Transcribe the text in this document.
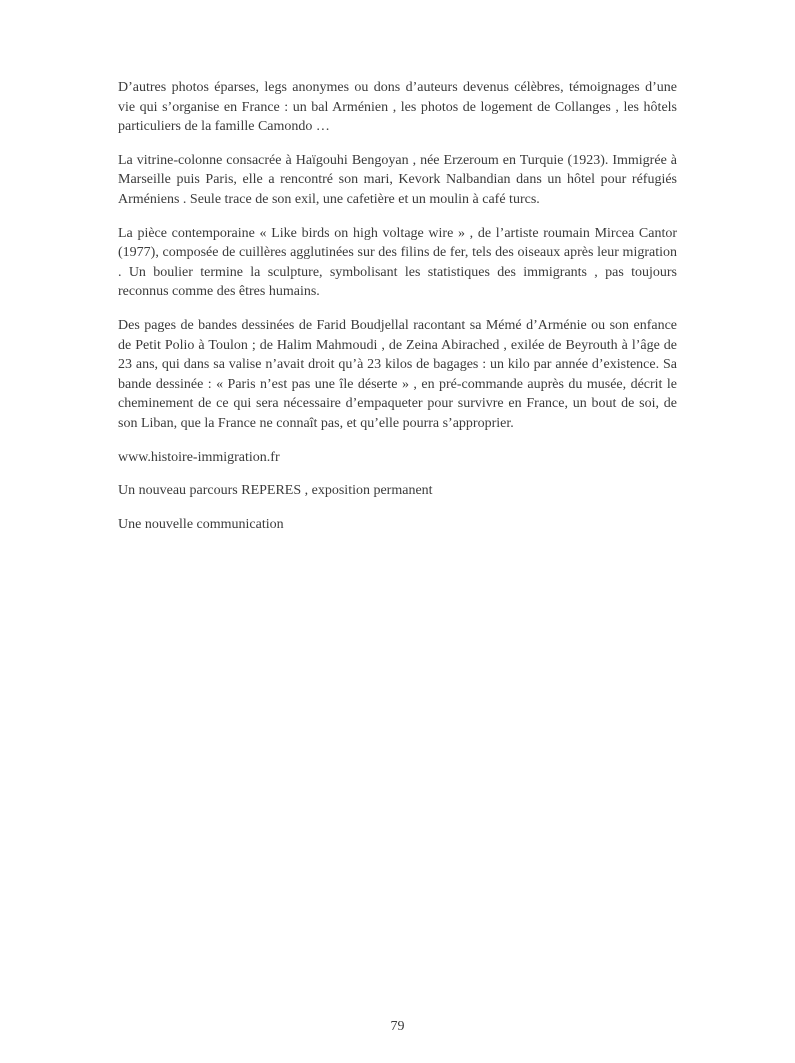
D’autres photos éparses, legs anonymes ou dons d’auteurs devenus célèbres, témoignages d’une vie qui s’organise en France : un bal Arménien , les photos de logement de Collanges , les hôtels particuliers de la famille Camondo …

La vitrine-colonne consacrée à Haïgouhi Bengoyan , née Erzeroum en Turquie (1923). Immigrée à Marseille puis Paris, elle a rencontré son mari, Kevork Nalbandian dans un hôtel pour réfugiés Arméniens . Seule trace de son exil, une cafetière et un moulin à café turcs.

La pièce contemporaine « Like birds on high voltage wire » , de l’artiste roumain Mircea Cantor (1977), composée de cuillères agglutinées sur des filins de fer, tels des oiseaux après leur migration . Un boulier termine la sculpture, symbolisant les statistiques des immigrants , pas toujours reconnus comme des êtres humains.

Des pages de bandes dessinées de Farid Boudjellal racontant sa Mémé d’Arménie ou son enfance de Petit Polio à Toulon ; de Halim Mahmoudi , de Zeina Abirached , exilée de Beyrouth à l’âge de 23 ans, qui dans sa valise n’avait droit qu’à 23 kilos de bagages : un kilo par année d’existence. Sa bande dessinée : « Paris n’est pas une île déserte » , en pré-commande auprès du musée, décrit le cheminement de ce qui sera nécessaire d’empaqueter pour survivre en France, un bout de soi, de son Liban, que la France ne connaît pas, et qu’elle pourra s’approprier.

www.histoire-immigration.fr

Un nouveau parcours REPERES , exposition permanent

Une nouvelle communication

79
